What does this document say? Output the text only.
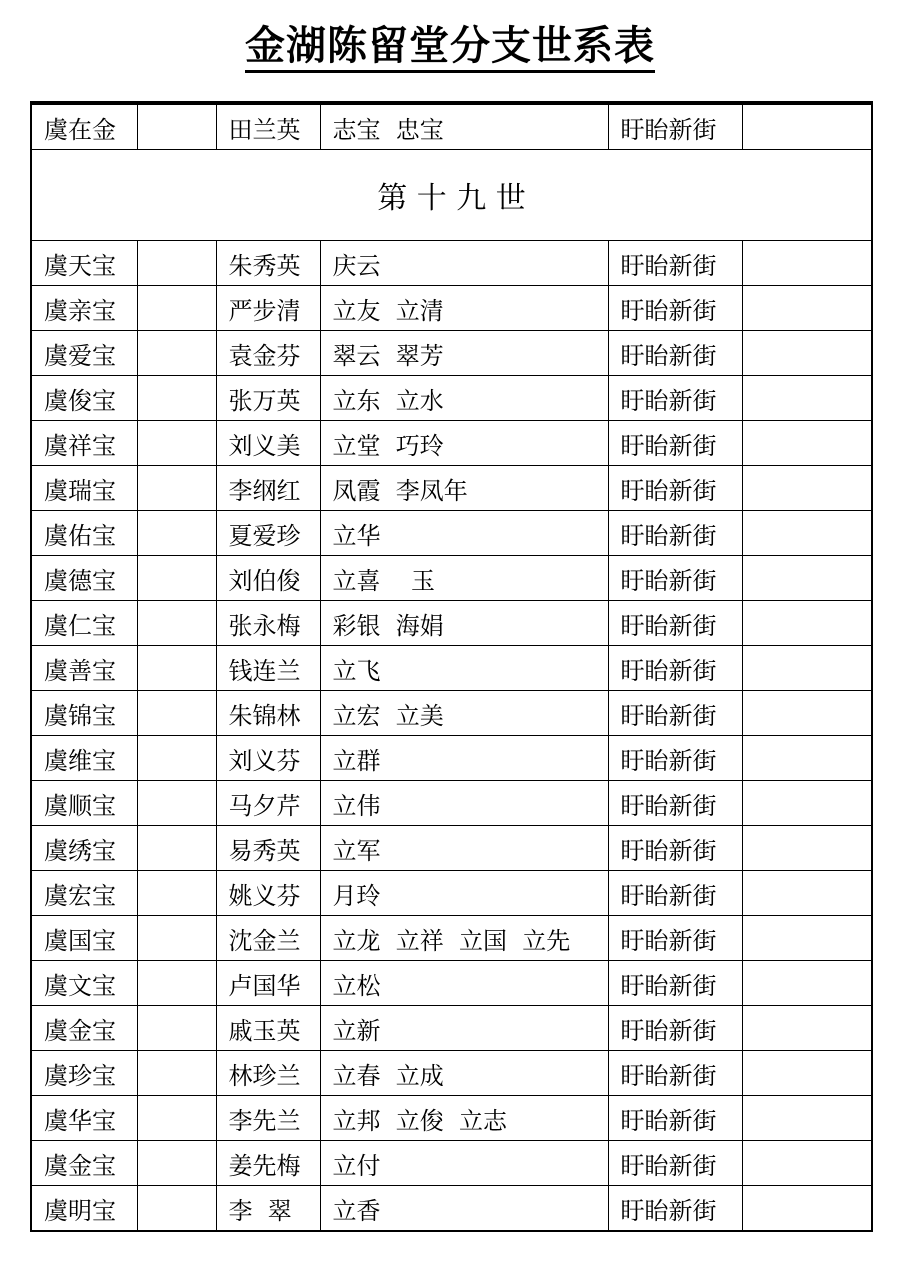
金湖陈留堂分支世系表
虞在金		田兰英	志宝  忠宝	盱眙新街	
第 十 九 世					
虞天宝		朱秀英	庆云	盱眙新街	
虞亲宝		严步清	立友  立清	盱眙新街	
虞爱宝		袁金芬	翠云  翠芳	盱眙新街	
虞俊宝		张万英	立东  立水	盱眙新街	
虞祥宝		刘义美	立堂  巧玲	盱眙新街	
虞瑞宝		李纲红	凤霞  李凤年	盱眙新街	
虞佑宝		夏爱珍	立华	盱眙新街	
虞德宝		刘伯俊	立喜    玉	盱眙新街	
虞仁宝		张永梅	彩银  海娟	盱眙新街	
虞善宝		钱连兰	立飞	盱眙新街	
虞锦宝		朱锦林	立宏  立美	盱眙新街	
虞维宝		刘义芬	立群	盱眙新街	
虞顺宝		马夕芹	立伟	盱眙新街	
虞绣宝		易秀英	立军	盱眙新街	
虞宏宝		姚义芬	月玲	盱眙新街	
虞国宝		沈金兰	立龙  立祥  立国  立先	盱眙新街	
虞文宝		卢国华	立松	盱眙新街	
虞金宝		戚玉英	立新	盱眙新街	
虞珍宝		林珍兰	立春  立成	盱眙新街	
虞华宝		李先兰	立邦  立俊  立志	盱眙新街	
虞金宝		姜先梅	立付	盱眙新街	
虞明宝		李  翠	立香	盱眙新街	
